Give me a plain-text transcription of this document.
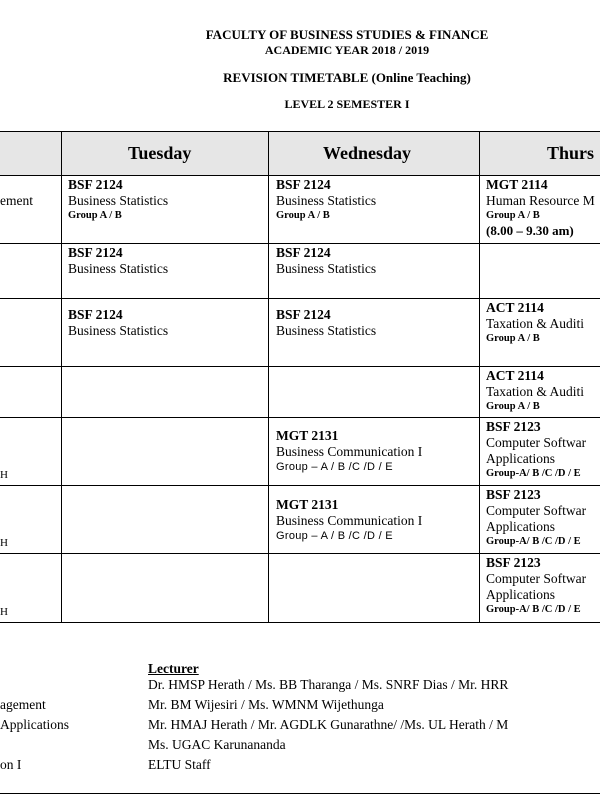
FACULTY OF BUSINESS STUDIES & FINANCE
ACADEMIC YEAR 2018 / 2019
REVISION TIMETABLE (Online Teaching)
LEVEL 2 SEMESTER I
Tuesday	Wednesday	Thurs
ement
H
H
H
BSF 2124
Business Statistics
Group A / B
BSF 2124
Business Statistics
Group A / B
MGT 2114
Human Resource M
Group A / B
(8.00 – 9.30 am)
BSF 2124
Business Statistics
BSF 2124
Business Statistics
BSF 2124
Business Statistics
BSF 2124
Business Statistics
ACT 2114
Taxation & Auditi
Group A / B
ACT 2114
Taxation & Auditi
Group A / B
MGT 2131
Business Communication I
Group – A / B /C /D / E
BSF 2123
Computer Softwar
Applications
Group-A/ B /C /D / E
MGT 2131
Business Communication I
Group – A / B /C /D / E
BSF 2123
Computer Softwar
Applications
Group-A/ B /C /D / E
BSF 2123
Computer Softwar
Applications
Group-A/ B /C /D / E
Lecturer
agement
Applications
on I
Dr. HMSP Herath / Ms. BB Tharanga / Ms. SNRF Dias / Mr. HRR
Mr. BM Wijesiri / Ms. WMNM Wijethunga
Mr. HMAJ Herath / Mr. AGDLK Gunarathne/ /Ms. UL Herath / M
Ms. UGAC Karunananda
ELTU Staff
